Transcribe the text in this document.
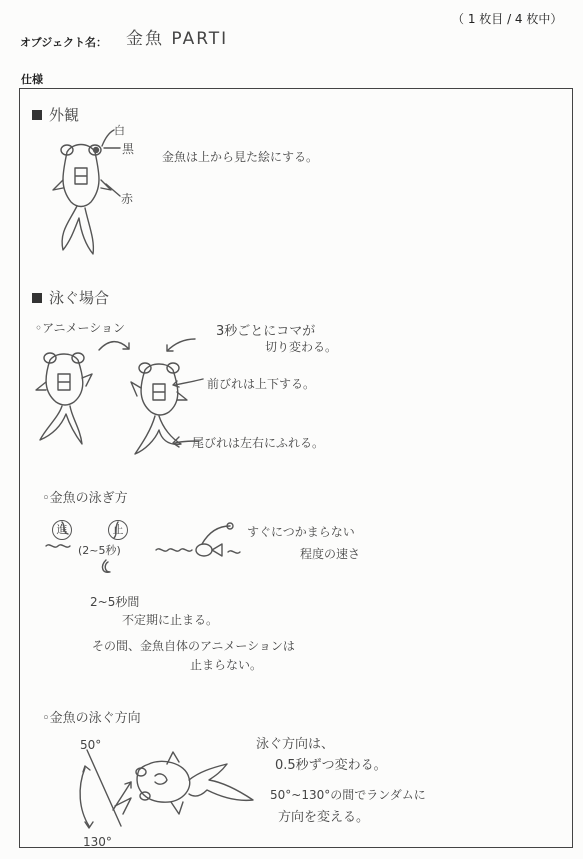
（ 1 枚目 / 4 枚中）
オブジェクト名： 金魚 PARTI
仕様
外観
白
黒
赤
金魚は上から見た絵にする。
泳ぐ場合
◦アニメーション	3秒ごとにコマが
切り変わる。
前びれは上下する。
尾びれは左右にふれる。
◦金魚の泳ぎ方
進	止
(2~5秒)
すぐにつかまらない
程度の速さ
2~5秒間
不定期に止まる。
その間、金魚自体のアニメーションは
止まらない。
◦金魚の泳ぐ方向
50°
130°
泳ぐ方向は、
0.5秒ずつ変わる。
50°~130°の間でランダムに
方向を変える。
